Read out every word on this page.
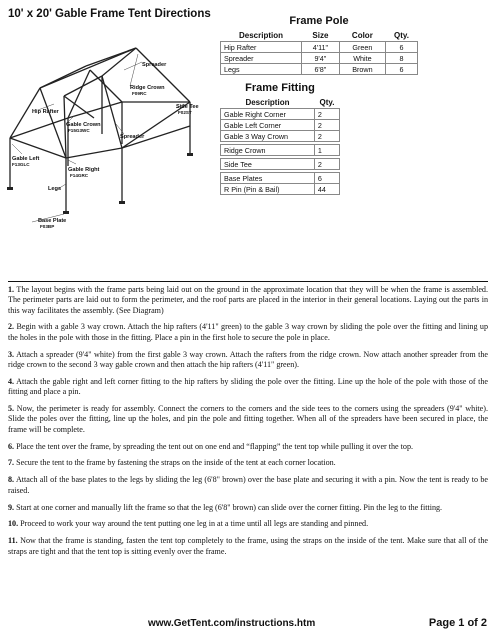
10' x 20' Gable Frame Tent Directions
Spreader
Ridge Crown
F09RC
Side Tee
F02ST
Hip Rafter
Gable Crown
F15G3WC
Spreader
Gable Left
F13GLC
Gable Right
F14GRC
Legs
Base Plate
F03BP
Frame Pole
Description	Size	Color	Qty.
Hip Rafter	4'11"	Green	6
Spreader	9'4"	White	8
Legs	6'8"	Brown	6
Frame Fitting
Description	Qty.
Gable Right Corner	2
Gable Left Corner	2
Gable 3 Way Crown	2

Ridge Crown	1

Side Tee	2

Base Plates	6
R Pin (Pin & Bail)	44

1. The layout begins with the frame parts being laid out on the ground in the approximate location that they will be when the frame is assembled. The perimeter parts are laid out to form the perimeter, and the roof parts are placed in the interior in their general locations. Laying out the parts in this way facilitates the assembly. (See Diagram)

2. Begin with a gable 3 way crown. Attach the hip rafters (4'11" green) to the gable 3 way crown by sliding the pole over the fitting and lining up the holes in the pole with those in the fitting. Place a pin in the first hole to secure the pole in place.

3. Attach a spreader (9'4" white) from the first gable 3 way crown. Attach the rafters from the ridge crown. Now attach another spreader from the ridge crown to the second 3 way gable crown and then attach the hip rafters (4'11" green).

4. Attach the gable right and left corner fitting to the hip rafters by sliding the pole over the fitting. Line up the hole of the pole with those of the fitting and place a pin.

5. Now, the perimeter is ready for assembly. Connect the corners to the corners and the side tees to the corners using the spreaders (9'4" white). Slide the poles over the fitting, line up the holes, and pin the pole and fitting together. When all of the spreaders have been secured in place, the frame will be complete.

6. Place the tent over the frame, by spreading the tent out on one end and “flapping” the tent top while pulling it over the top.

7. Secure the tent to the frame by fastening the straps on the inside of the tent at each corner location.

8. Attach all of the base plates to the legs by sliding the leg (6'8" brown) over the base plate and securing it with a pin. Now the tent is ready to be raised.

9. Start at one corner and manually lift the frame so that the leg (6'8" brown) can slide over the corner fitting. Pin the leg to the fitting.

10. Proceed to work your way around the tent putting one leg in at a time until all legs are standing and pinned.

11. Now that the frame is standing, fasten the tent top completely to the frame, using the straps on the inside of the tent. Make sure that all of the straps are tight and that the tent top is sitting evenly over the frame.

www.GetTent.com/instructions.htm	Page 1 of 2
